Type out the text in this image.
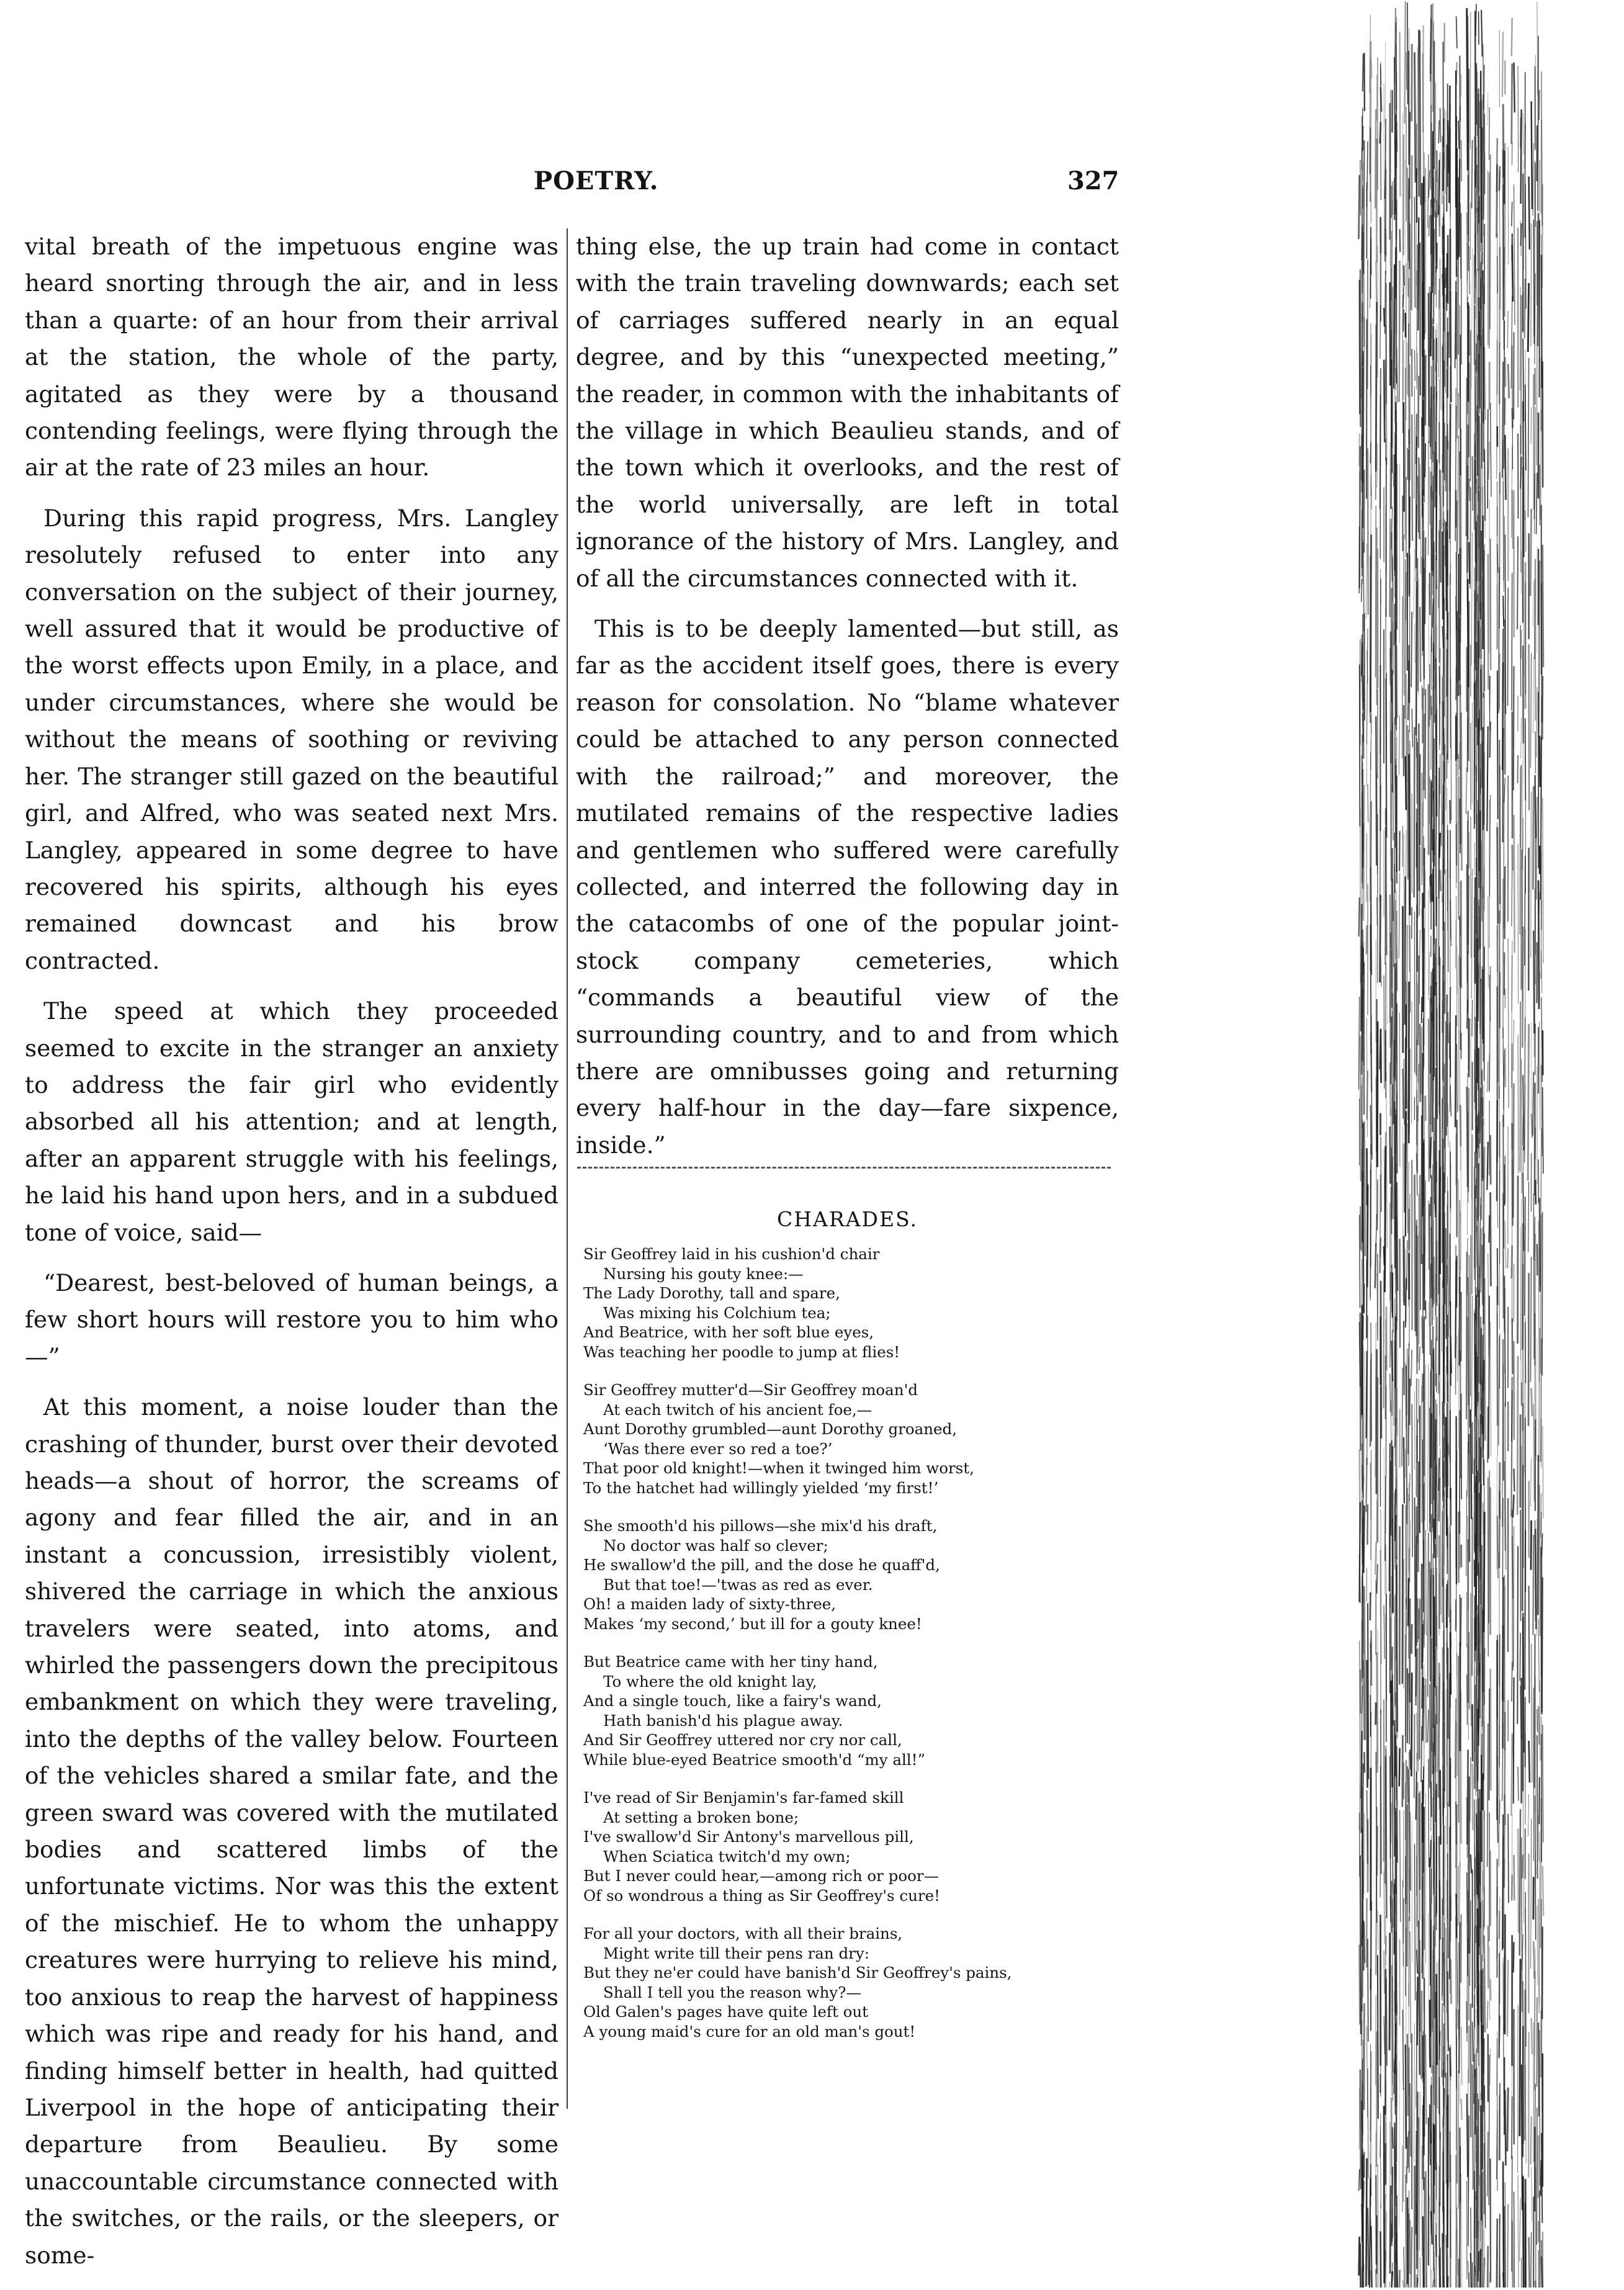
POETRY.	327

vital breath of the impetuous engine was heard snorting through the air, and in less than a quarte: of an hour from their arrival at the station, the whole of the party, agitated as they were by a thousand contending feelings, were flying through the air at the rate of 23 miles an hour.

During this rapid progress, Mrs. Langley resolutely refused to enter into any conversation on the subject of their journey, well assured that it would be productive of the worst effects upon Emily, in a place, and under circumstances, where she would be without the means of soothing or reviving her. The stranger still gazed on the beautiful girl, and Alfred, who was seated next Mrs. Langley, appeared in some degree to have recovered his spirits, although his eyes remained downcast and his brow contracted.

The speed at which they proceeded seemed to excite in the stranger an anxiety to address the fair girl who evidently absorbed all his attention; and at length, after an apparent struggle with his feelings, he laid his hand upon hers, and in a subdued tone of voice, said—

“Dearest, best-beloved of human beings, a few short hours will restore you to him who—”

At this moment, a noise louder than the crashing of thunder, burst over their devoted heads—a shout of horror, the screams of agony and fear filled the air, and in an instant a concussion, irresistibly violent, shivered the carriage in which the anxious travelers were seated, into atoms, and whirled the passengers down the precipitous embankment on which they were traveling, into the depths of the valley below. Fourteen of the vehicles shared a smilar fate, and the green sward was covered with the mutilated bodies and scattered limbs of the unfortunate victims. Nor was this the extent of the mischief. He to whom the unhappy creatures were hurrying to relieve his mind, too anxious to reap the harvest of happiness which was ripe and ready for his hand, and finding himself better in health, had quitted Liverpool in the hope of anticipating their departure from Beaulieu. By some unaccountable circumstance connected with the switches, or the rails, or the sleepers, or some-

thing else, the up train had come in contact with the train traveling downwards; each set of carriages suffered nearly in an equal degree, and by this “unexpected meeting,” the reader, in common with the inhabitants of the village in which Beaulieu stands, and of the town which it overlooks, and the rest of the world universally, are left in total ignorance of the history of Mrs. Langley, and of all the circumstances connected with it.

This is to be deeply lamented—but still, as far as the accident itself goes, there is every reason for consolation. No “blame whatever could be attached to any person connected with the railroad;” and moreover, the mutilated remains of the respective ladies and gentlemen who suffered were carefully collected, and interred the following day in the catacombs of one of the popular joint-stock company cemeteries, which “commands a beautiful view of the surrounding country, and to and from which there are omnibusses going and returning every half-hour in the day—fare sixpence, inside.”

CHARADES.
Sir Geoffrey laid in his cushion'd chair
Nursing his gouty knee:—
The Lady Dorothy, tall and spare,
Was mixing his Colchium tea;
And Beatrice, with her soft blue eyes,
Was teaching her poodle to jump at flies!
Sir Geoffrey mutter'd—Sir Geoffrey moan'd
At each twitch of his ancient foe,—
Aunt Dorothy grumbled—aunt Dorothy groaned,
‘Was there ever so red a toe?’
That poor old knight!—when it twinged him worst,
To the hatchet had willingly yielded ‘my first!’
She smooth'd his pillows—she mix'd his draft,
No doctor was half so clever;
He swallow'd the pill, and the dose he quaff'd,
But that toe!—'twas as red as ever.
Oh! a maiden lady of sixty-three,
Makes ‘my second,’ but ill for a gouty knee!
But Beatrice came with her tiny hand,
To where the old knight lay,
And a single touch, like a fairy's wand,
Hath banish'd his plague away.
And Sir Geoffrey uttered nor cry nor call,
While blue-eyed Beatrice smooth'd “my all!”
I've read of Sir Benjamin's far-famed skill
At setting a broken bone;
I've swallow'd Sir Antony's marvellous pill,
When Sciatica twitch'd my own;
But I never could hear,—among rich or poor—
Of so wondrous a thing as Sir Geoffrey's cure!
For all your doctors, with all their brains,
Might write till their pens ran dry:
But they ne'er could have banish'd Sir Geoffrey's pains,
Shall I tell you the reason why?—
Old Galen's pages have quite left out
A young maid's cure for an old man's gout!
